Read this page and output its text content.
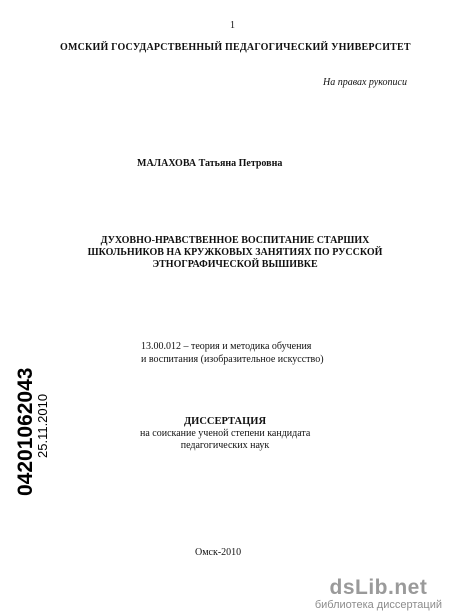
1
ОМСКИЙ ГОСУДАРСТВЕННЫЙ ПЕДАГОГИЧЕСКИЙ УНИВЕРСИТЕТ
На правах рукописи
МАЛАХОВА Татьяна Петровна
ДУХОВНО-НРАВСТВЕННОЕ ВОСПИТАНИЕ СТАРШИХ
ШКОЛЬНИКОВ НА КРУЖКОВЫХ ЗАНЯТИЯХ ПО РУССКОЙ
ЭТНОГРАФИЧЕСКОЙ ВЫШИВКЕ
13.00.012 – теория и методика обучения
и воспитания (изобразительное искусство)
ДИССЕРТАЦИЯ
на соискание ученой степени кандидата
педагогических наук
Омск-2010
04201062043
25.11.2010
dsLib.net
библиотека диссертаций
